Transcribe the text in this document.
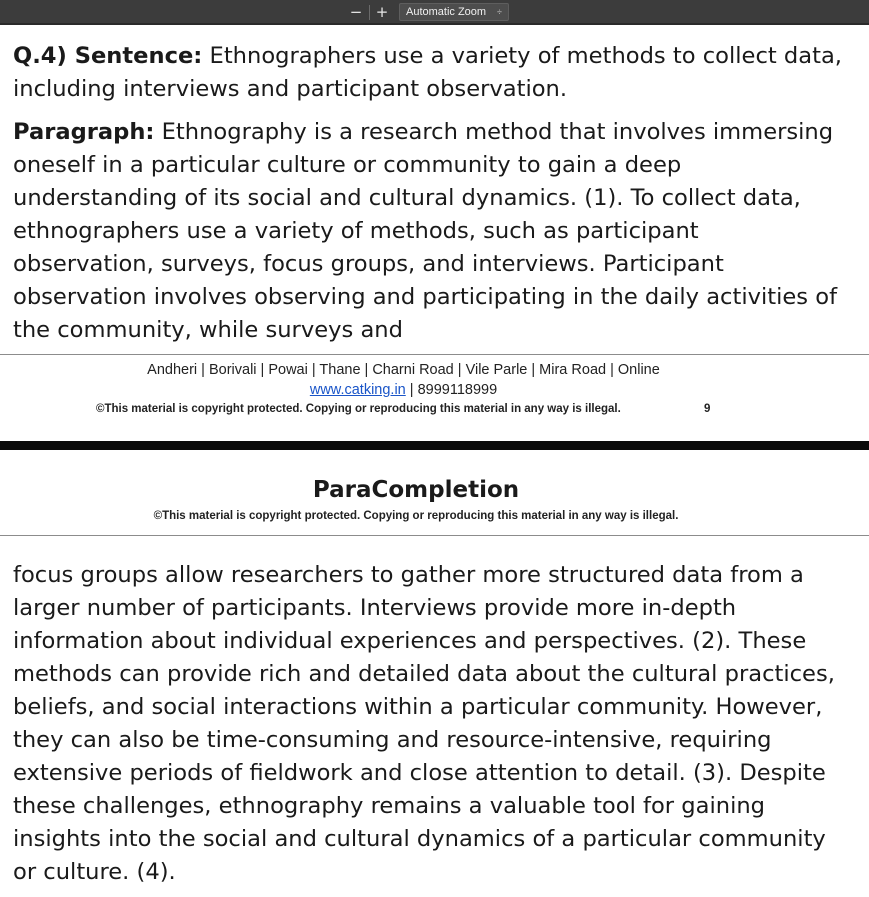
− +	Automatic Zoom ÷

Q.4) Sentence: Ethnographers use a variety of methods to collect data, including interviews and participant observation.

Paragraph: Ethnography is a research method that involves immersing oneself in a particular culture or community to gain a deep understanding of its social and cultural dynamics. (1). To collect data, ethnographers use a variety of methods, such as participant observation, surveys, focus groups, and interviews. Participant observation involves observing and participating in the daily activities of the community, while surveys and

Andheri | Borivali | Powai | Thane | Charni Road | Vile Parle | Mira Road | Online
www.catking.in | 8999118999
©This material is copyright protected. Copying or reproducing this material in any way is illegal.	9
ParaCompletion
©This material is copyright protected. Copying or reproducing this material in any way is illegal.

focus groups allow researchers to gather more structured data from a larger number of participants. Interviews provide more in-depth information about individual experiences and perspectives. (2). These methods can provide rich and detailed data about the cultural practices, beliefs, and social interactions within a particular community. However, they can also be time-consuming and resource-intensive, requiring extensive periods of fieldwork and close attention to detail. (3). Despite these challenges, ethnography remains a valuable tool for gaining insights into the social and cultural dynamics of a particular community or culture. (4).
